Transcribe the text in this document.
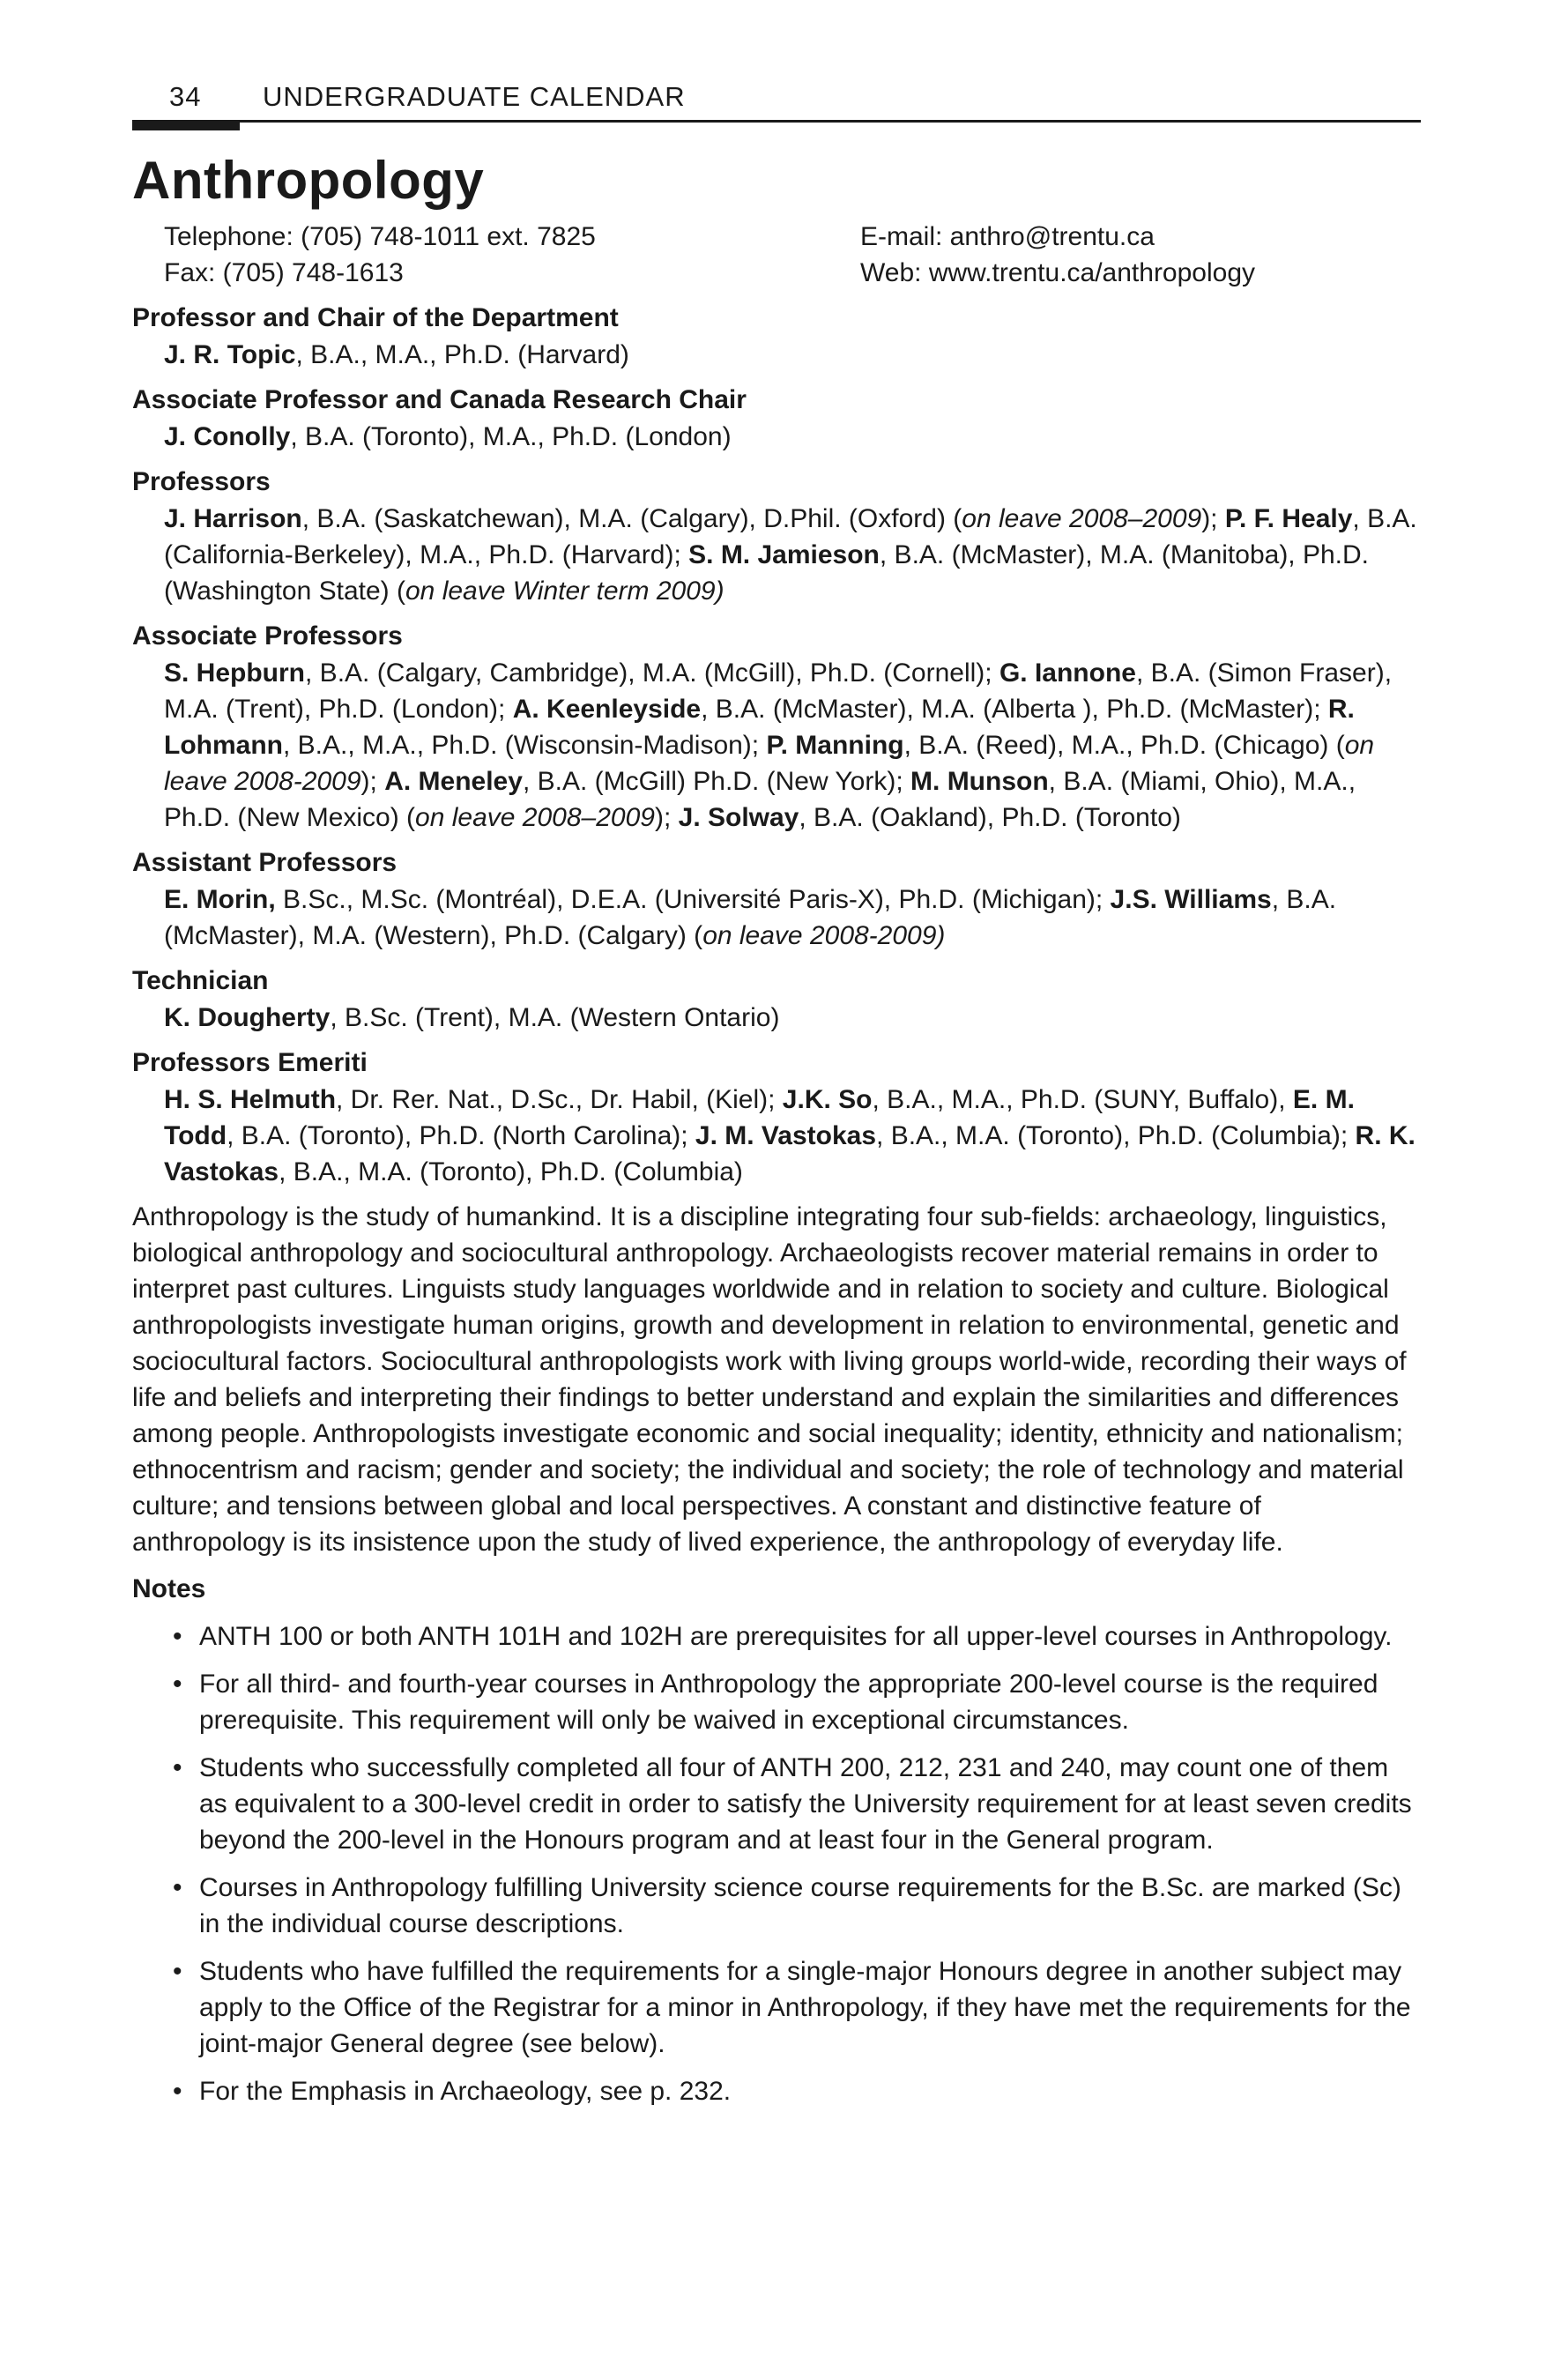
34 UNDERGRADUATE CALENDAR
Anthropology
Telephone: (705) 748-1011 ext. 7825	E-mail: anthro@trentu.ca
Fax: (705) 748-1613	Web: www.trentu.ca/anthropology
Professor and Chair of the Department
J. R. Topic, B.A., M.A., Ph.D. (Harvard)
Associate Professor and Canada Research Chair
J. Conolly, B.A. (Toronto), M.A., Ph.D. (London)
Professors
J. Harrison, B.A. (Saskatchewan), M.A. (Calgary), D.Phil. (Oxford) (on leave 2008–2009); P. F. Healy, B.A. (California-Berkeley), M.A., Ph.D. (Harvard); S. M. Jamieson, B.A. (McMaster), M.A. (Manitoba), Ph.D. (Washington State) (on leave Winter term 2009)
Associate Professors
S. Hepburn, B.A. (Calgary, Cambridge), M.A. (McGill), Ph.D. (Cornell); G. Iannone, B.A. (Simon Fraser), M.A. (Trent), Ph.D. (London); A. Keenleyside, B.A. (McMaster), M.A. (Alberta ), Ph.D. (McMaster); R. Lohmann, B.A., M.A., Ph.D. (Wisconsin-Madison); P. Manning, B.A. (Reed), M.A., Ph.D. (Chicago) (on leave 2008-2009); A. Meneley, B.A. (McGill) Ph.D. (New York); M. Munson, B.A. (Miami, Ohio), M.A., Ph.D. (New Mexico) (on leave 2008–2009); J. Solway, B.A. (Oakland), Ph.D. (Toronto)
Assistant Professors
E. Morin, B.Sc., M.Sc. (Montréal), D.E.A. (Université Paris-X), Ph.D. (Michigan); J.S. Williams, B.A. (McMaster), M.A. (Western), Ph.D. (Calgary) (on leave 2008-2009)
Technician
K. Dougherty, B.Sc. (Trent), M.A. (Western Ontario)
Professors Emeriti
H. S. Helmuth, Dr. Rer. Nat., D.Sc., Dr. Habil, (Kiel); J.K. So, B.A., M.A., Ph.D. (SUNY, Buffalo), E. M. Todd, B.A. (Toronto), Ph.D. (North Carolina); J. M. Vastokas, B.A., M.A. (Toronto), Ph.D. (Columbia); R. K. Vastokas, B.A., M.A. (Toronto), Ph.D. (Columbia)

Anthropology is the study of humankind. It is a discipline integrating four sub-fields: archaeology, linguistics, biological anthropology and sociocultural anthropology. Archaeologists recover material remains in order to interpret past cultures. Linguists study languages worldwide and in relation to society and culture. Biological anthropologists investigate human origins, growth and development in relation to environmental, genetic and sociocultural factors. Sociocultural anthropologists work with living groups world-wide, recording their ways of life and beliefs and interpreting their findings to better understand and explain the similarities and differences among people. Anthropologists investigate economic and social inequality; identity, ethnicity and nationalism; ethnocentrism and racism; gender and society; the individual and society; the role of technology and material culture; and tensions between global and local perspectives. A constant and distinctive feature of anthropology is its insistence upon the study of lived experience, the anthropology of everyday life.

Notes
• ANTH 100 or both ANTH 101H and 102H are prerequisites for all upper-level courses in Anthropology.
• For all third- and fourth-year courses in Anthropology the appropriate 200-level course is the required prerequisite. This requirement will only be waived in exceptional circumstances.
• Students who successfully completed all four of ANTH 200, 212, 231 and 240, may count one of them as equivalent to a 300-level credit in order to satisfy the University requirement for at least seven credits beyond the 200-level in the Honours program and at least four in the General program.
• Courses in Anthropology fulfilling University science course requirements for the B.Sc. are marked (Sc) in the individual course descriptions.
• Students who have fulfilled the requirements for a single-major Honours degree in another subject may apply to the Office of the Registrar for a minor in Anthropology, if they have met the requirements for the joint-major General degree (see below).
• For the Emphasis in Archaeology, see p. 232.
